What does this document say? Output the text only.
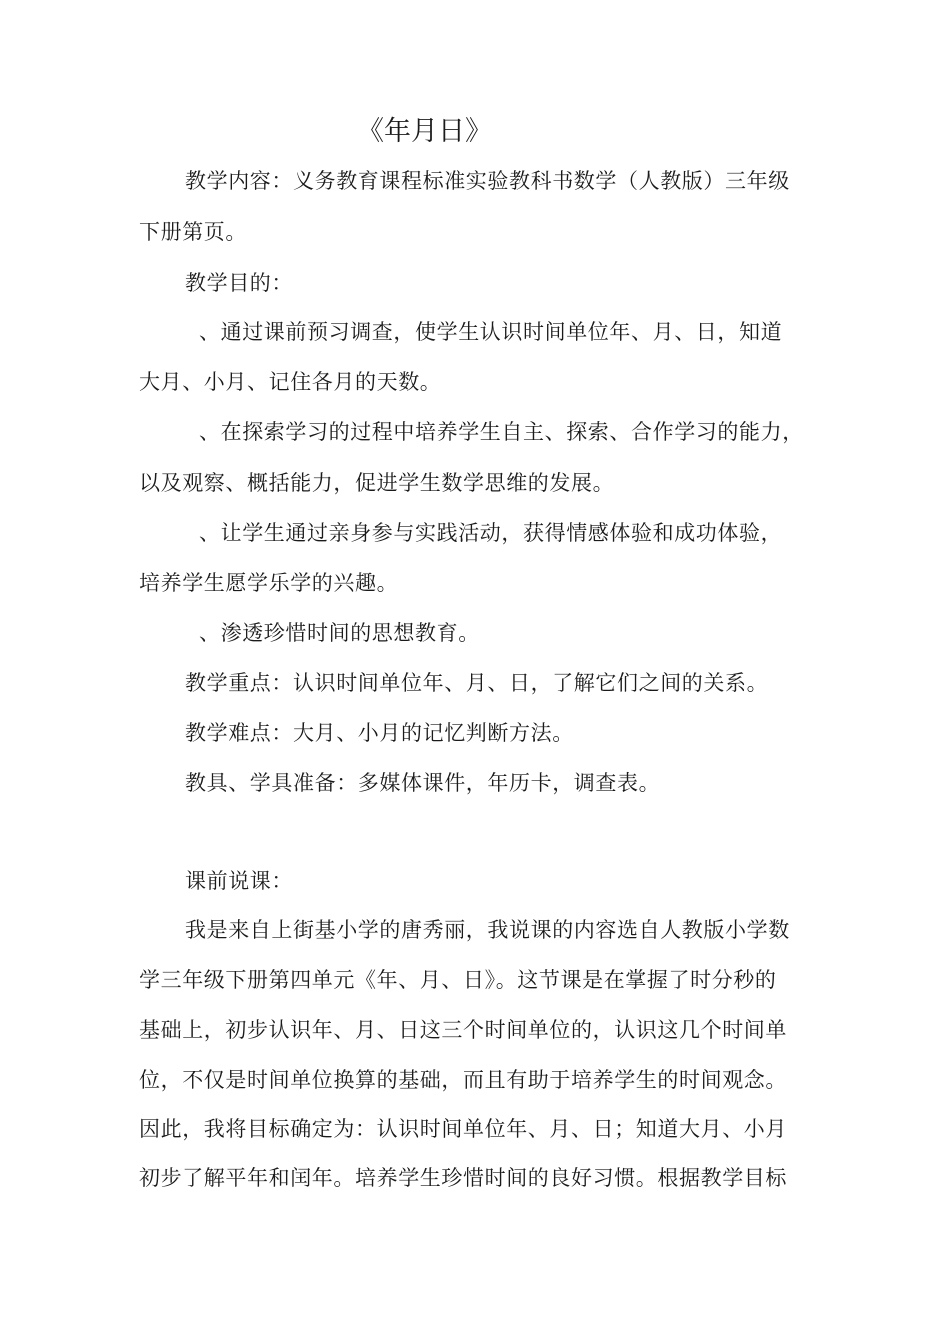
《年月日》
教学内容：义务教育课程标准实验教科书数学（人教版）三年级
下册第页。
教学目的：
、通过课前预习调查，使学生认识时间单位年、月、日，知道
大月、小月、记住各月的天数。
、在探索学习的过程中培养学生自主、探索、合作学习的能力，
以及观察、概括能力，促进学生数学思维的发展。
、让学生通过亲身参与实践活动，获得情感体验和成功体验，
培养学生愿学乐学的兴趣。
、渗透珍惜时间的思想教育。
教学重点：认识时间单位年、月、日，了解它们之间的关系。
教学难点：大月、小月的记忆判断方法。
教具、学具准备：多媒体课件，年历卡，调查表。
课前说课：
我是来自上街基小学的唐秀丽，我说课的内容选自人教版小学数
学三年级下册第四单元《年、月、日》。这节课是在掌握了时分秒的
基础上，初步认识年、月、日这三个时间单位的，认识这几个时间单
位，不仅是时间单位换算的基础，而且有助于培养学生的时间观念。
因此，我将目标确定为：认识时间单位年、月、日；知道大月、小月
初步了解平年和闰年。培养学生珍惜时间的良好习惯。根据教学目标
